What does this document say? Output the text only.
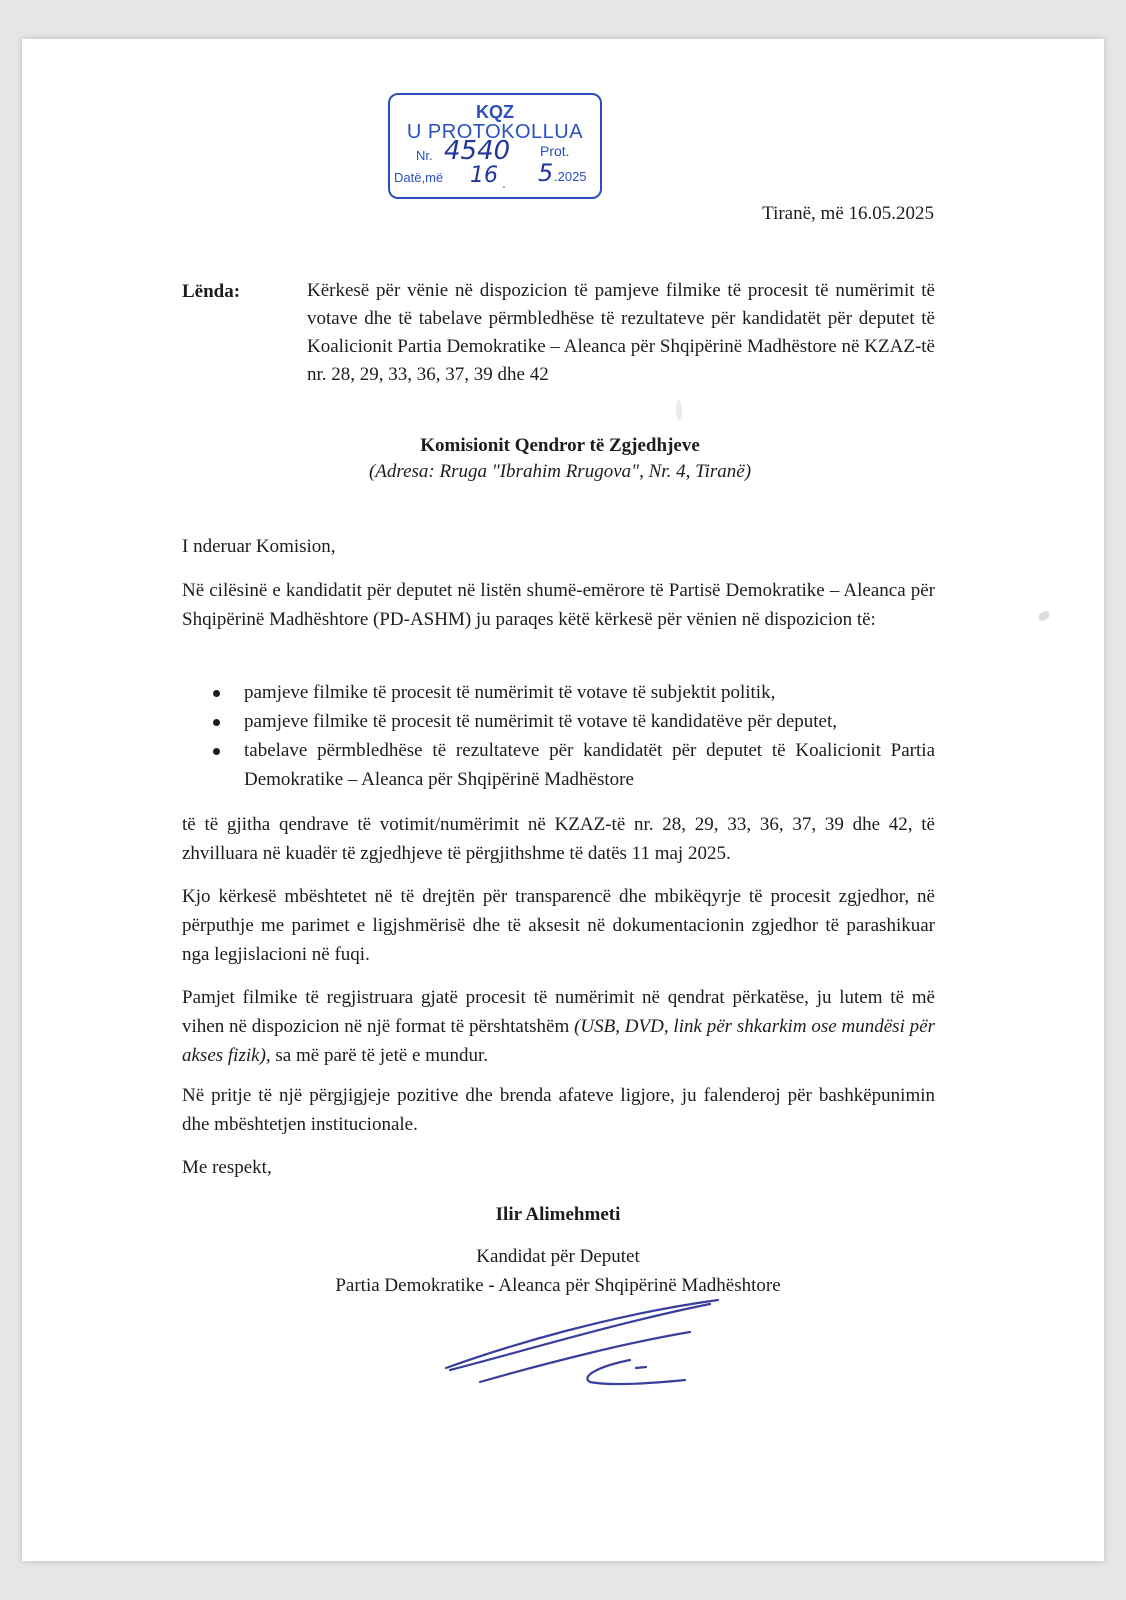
KQZ
U PROTOKOLLUA
Nr. 4540 Prot.
Datë,më 16 . 5 .2025
Tiranë, më 16.05.2025
Lënda:	Kërkesë për vënie në dispozicion të pamjeve filmike të procesit të numërimit të votave dhe të tabelave përmbledhëse të rezultateve për kandidatët për deputet të Koalicionit Partia Demokratike – Aleanca për Shqipërinë Madhëstore në KZAZ-të nr. 28, 29, 33, 36, 37, 39 dhe 42
Komisionit Qendror të Zgjedhjeve
(Adresa: Rruga "Ibrahim Rrugova", Nr. 4, Tiranë)
I nderuar Komision,
Në cilësinë e kandidatit për deputet në listën shumë-emërore të Partisë Demokratike – Aleanca për Shqipërinë Madhështore (PD-ASHM) ju paraqes këtë kërkesë për vënien në dispozicion të:
pamjeve filmike të procesit të numërimit të votave të subjektit politik,
pamjeve filmike të procesit të numërimit të votave të kandidatëve për deputet,
tabelave përmbledhëse të rezultateve për kandidatët për deputet të Koalicionit Partia Demokratike – Aleanca për Shqipërinë Madhëstore
të të gjitha qendrave të votimit/numërimit në KZAZ-të nr. 28, 29, 33, 36, 37, 39 dhe 42, të zhvilluara në kuadër të zgjedhjeve të përgjithshme të datës 11 maj 2025.
Kjo kërkesë mbështetet në të drejtën për transparencë dhe mbikëqyrje të procesit zgjedhor, në përputhje me parimet e ligjshmërisë dhe të aksesit në dokumentacionin zgjedhor të parashikuar nga legjislacioni në fuqi.
Pamjet filmike të regjistruara gjatë procesit të numërimit në qendrat përkatëse, ju lutem të më vihen në dispozicion në një format të përshtatshëm (USB, DVD, link për shkarkim ose mundësi për akses fizik), sa më parë të jetë e mundur.
Në pritje të një përgjigjeje pozitive dhe brenda afateve ligjore, ju falenderoj për bashkëpunimin dhe mbështetjen institucionale.
Me respekt,
Ilir Alimehmeti
Kandidat për Deputet
Partia Demokratike - Aleanca për Shqipërinë Madhështore
